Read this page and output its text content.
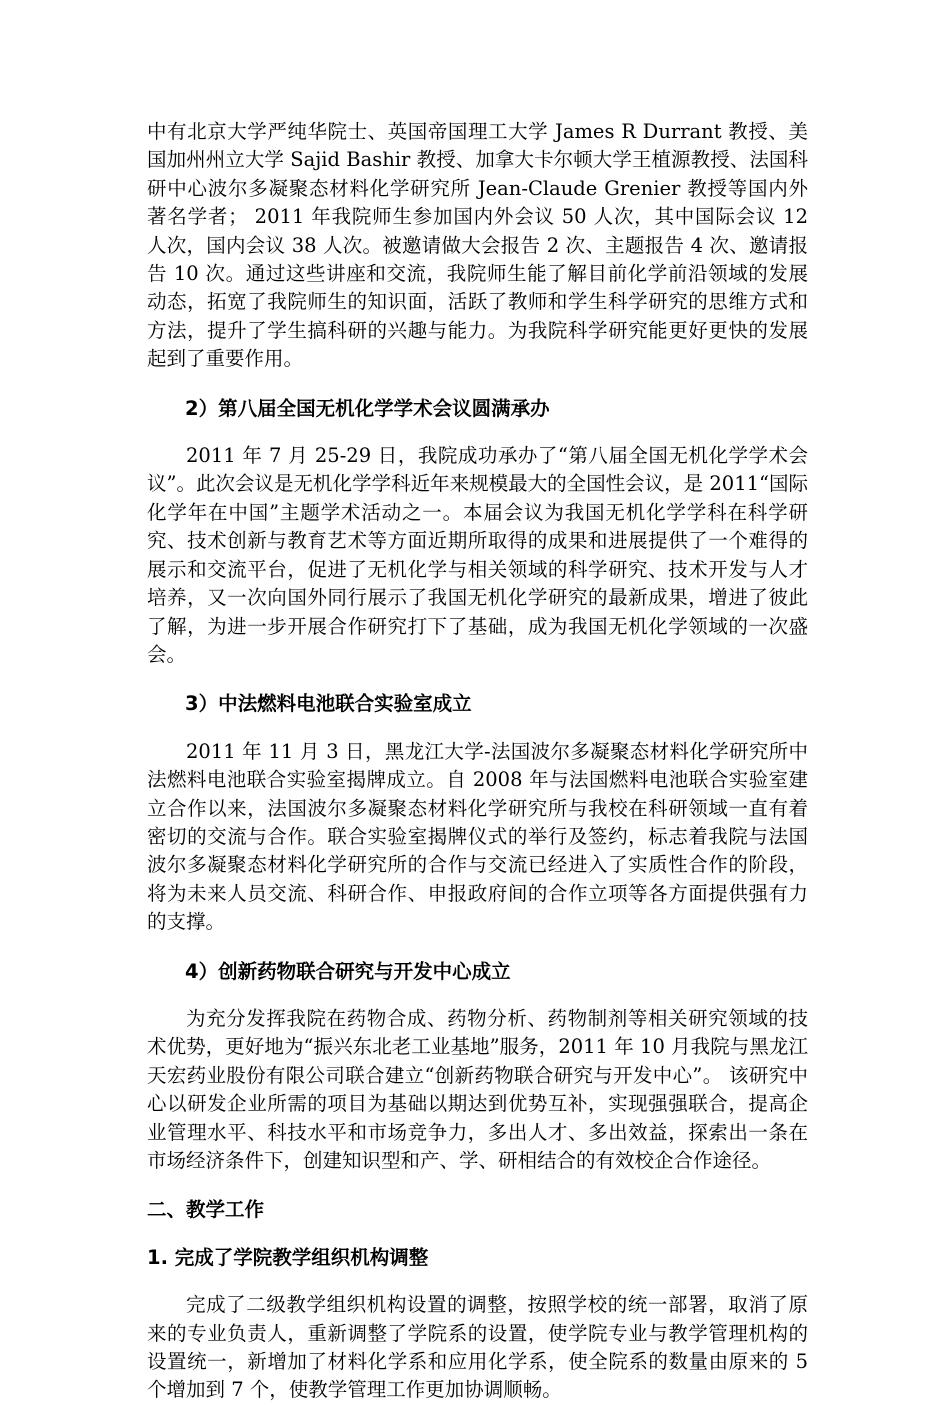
中有北京大学严纯华院士、英国帝国理工大学 James R Durrant 教授、美国加州州立大学 Sajid Bashir 教授、加拿大卡尔顿大学王植源教授、法国科研中心波尔多凝聚态材料化学研究所 Jean-Claude Grenier 教授等国内外著名学者； 2011 年我院师生参加国内外会议 50 人次，其中国际会议 12 人次，国内会议 38 人次。被邀请做大会报告 2 次、主题报告 4 次、邀请报告 10 次。通过这些讲座和交流，我院师生能了解目前化学前沿领域的发展动态，拓宽了我院师生的知识面，活跃了教师和学生科学研究的思维方式和方法，提升了学生搞科研的兴趣与能力。为我院科学研究能更好更快的发展起到了重要作用。

2）第八届全国无机化学学术会议圆满承办

2011 年 7 月 25-29 日，我院成功承办了“第八届全国无机化学学术会议”。此次会议是无机化学学科近年来规模最大的全国性会议，是 2011“国际化学年在中国”主题学术活动之一。本届会议为我国无机化学学科在科学研究、技术创新与教育艺术等方面近期所取得的成果和进展提供了一个难得的展示和交流平台，促进了无机化学与相关领域的科学研究、技术开发与人才培养，又一次向国外同行展示了我国无机化学研究的最新成果，增进了彼此了解，为进一步开展合作研究打下了基础，成为我国无机化学领域的一次盛会。

3）中法燃料电池联合实验室成立

2011 年 11 月 3 日，黑龙江大学-法国波尔多凝聚态材料化学研究所中法燃料电池联合实验室揭牌成立。自 2008 年与法国燃料电池联合实验室建立合作以来，法国波尔多凝聚态材料化学研究所与我校在科研领域一直有着密切的交流与合作。联合实验室揭牌仪式的举行及签约，标志着我院与法国波尔多凝聚态材料化学研究所的合作与交流已经进入了实质性合作的阶段，将为未来人员交流、科研合作、申报政府间的合作立项等各方面提供强有力的支撑。

4）创新药物联合研究与开发中心成立

为充分发挥我院在药物合成、药物分析、药物制剂等相关研究领域的技术优势，更好地为“振兴东北老工业基地”服务，2011 年 10 月我院与黑龙江天宏药业股份有限公司联合建立“创新药物联合研究与开发中心”。 该研究中心以研发企业所需的项目为基础以期达到优势互补，实现强强联合，提高企业管理水平、科技水平和市场竞争力，多出人才、多出效益，探索出一条在市场经济条件下，创建知识型和产、学、研相结合的有效校企合作途径。

二、教学工作

1. 完成了学院教学组织机构调整

完成了二级教学组织机构设置的调整，按照学校的统一部署，取消了原来的专业负责人，重新调整了学院系的设置，使学院专业与教学管理机构的设置统一，新增加了材料化学系和应用化学系，使全院系的数量由原来的 5 个增加到 7 个，使教学管理工作更加协调顺畅。
